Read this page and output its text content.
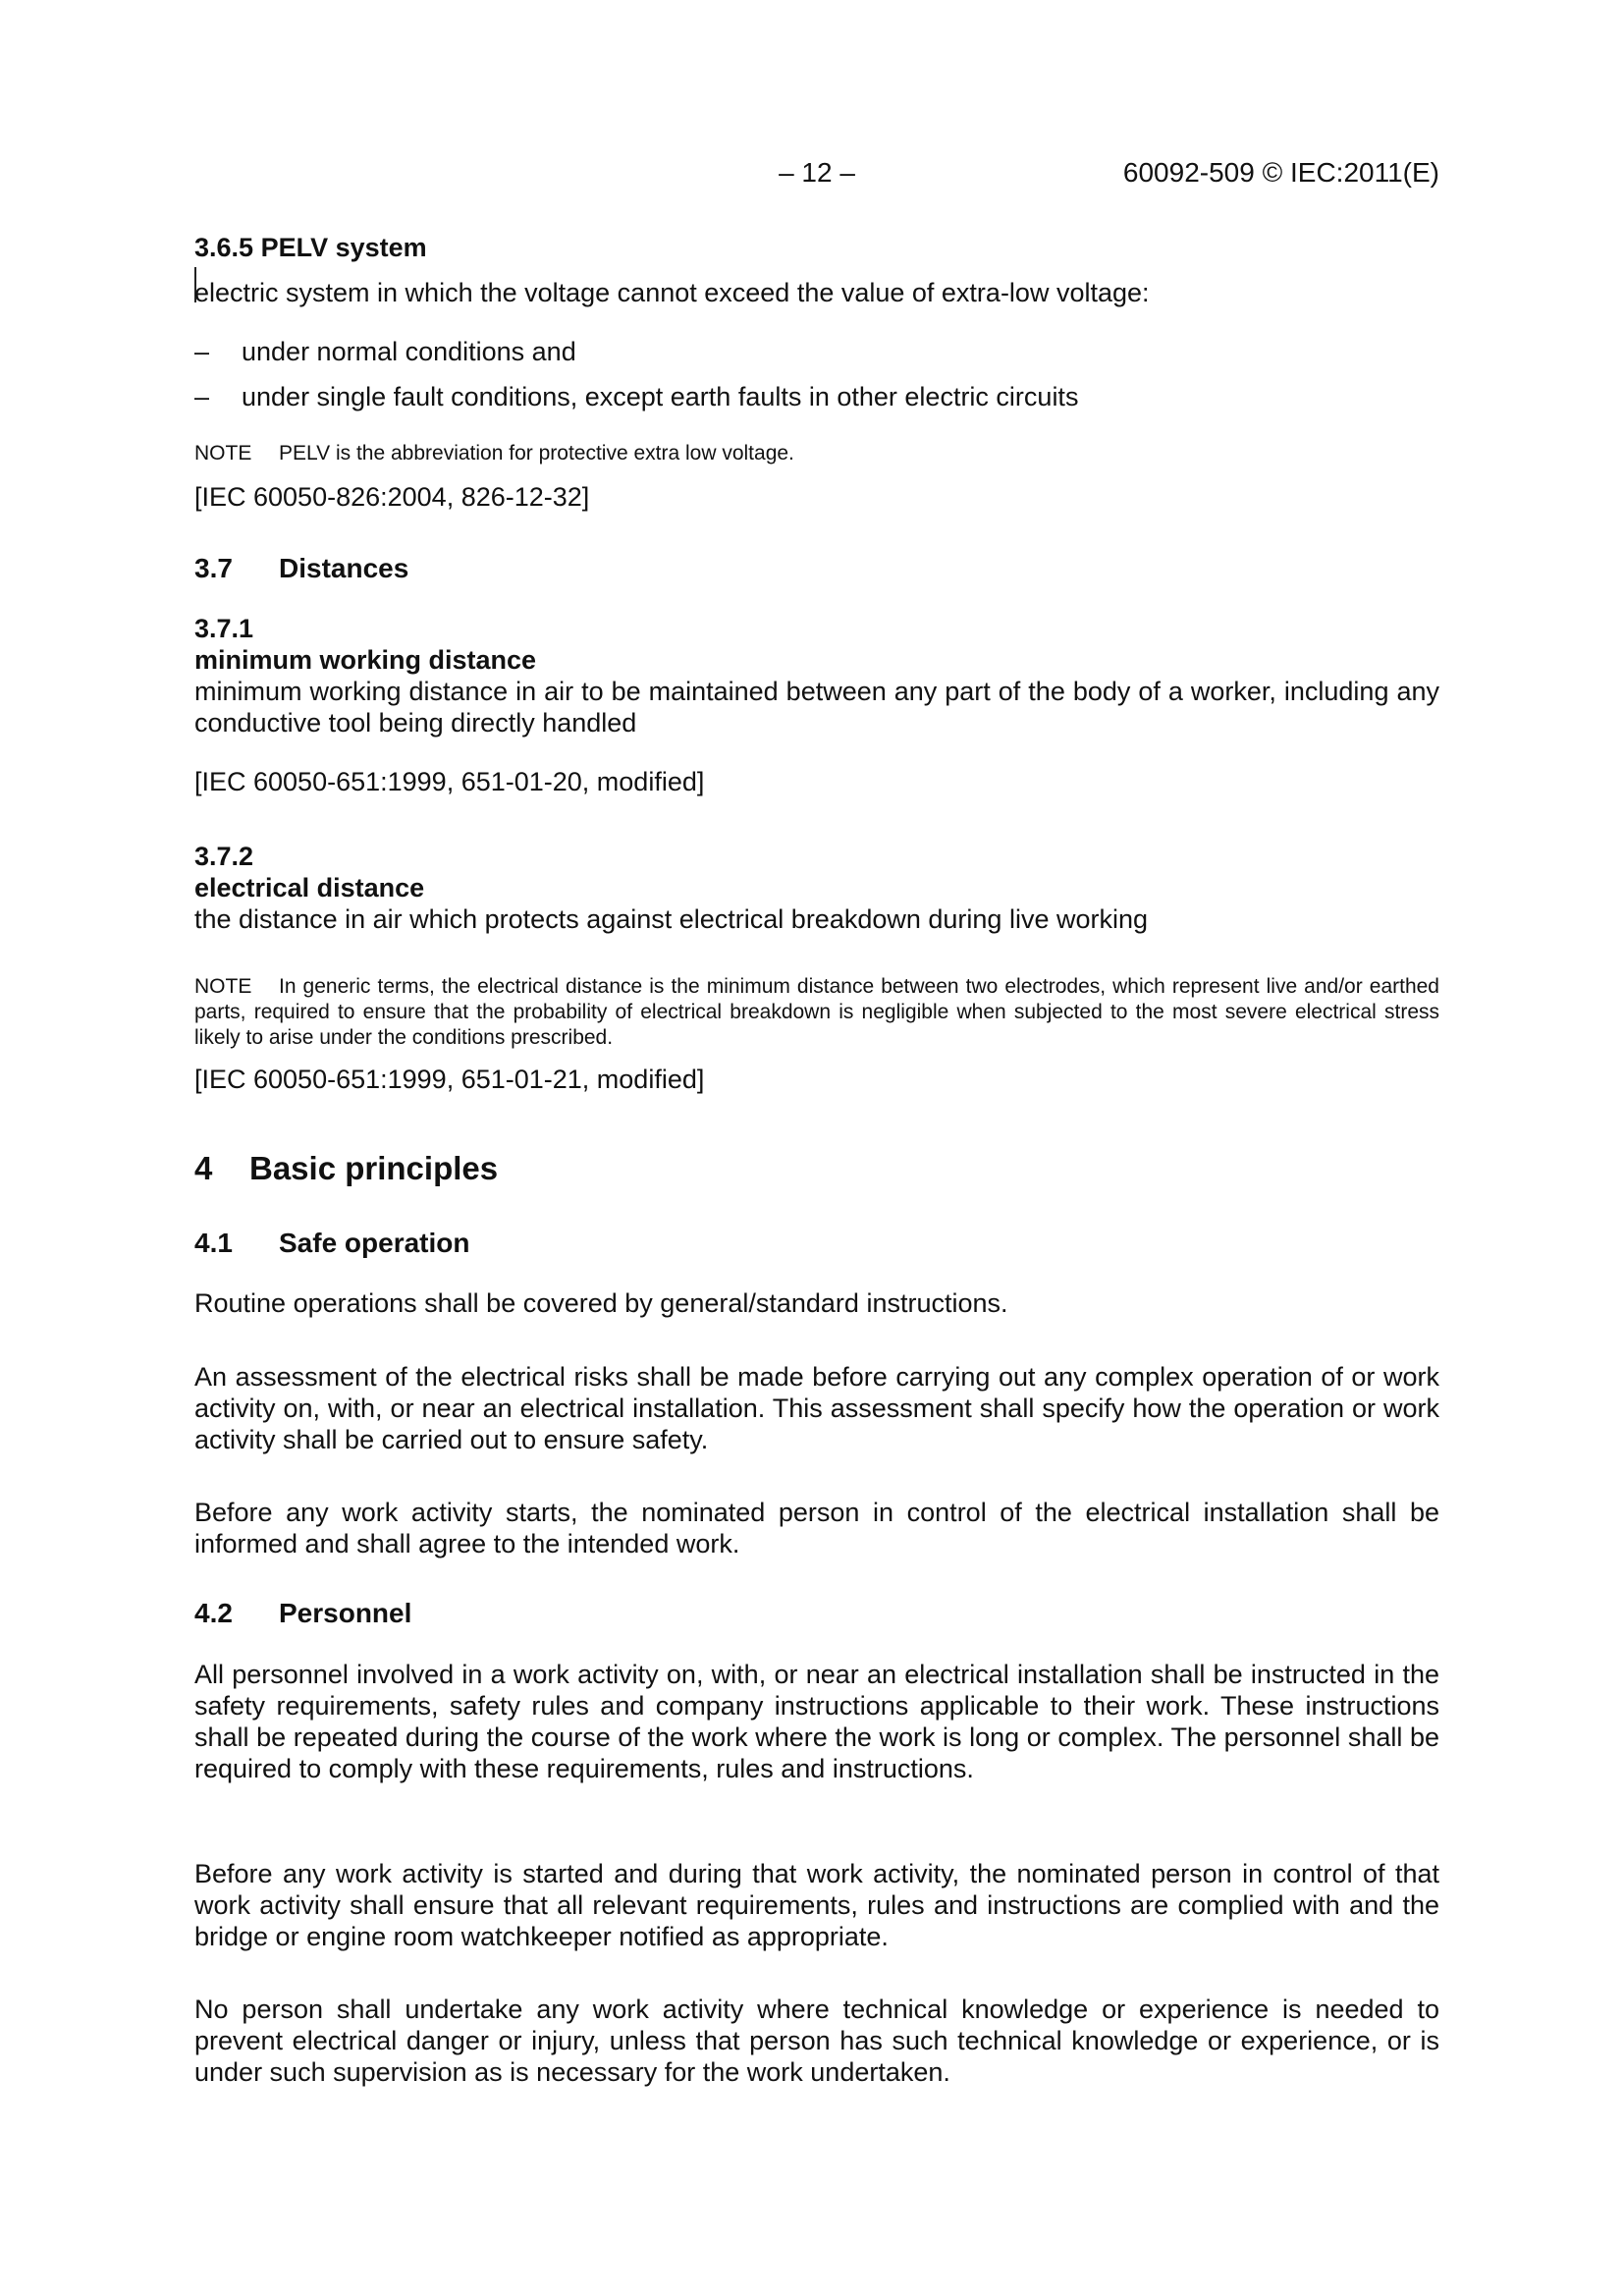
– 12 –	60092-509 © IEC:2011(E)
3.6.5 PELV system
electric system in which the voltage cannot exceed the value of extra-low voltage:
– under normal conditions and
– under single fault conditions, except earth faults in other electric circuits
NOTE PELV is the abbreviation for protective extra low voltage.
[IEC 60050-826:2004, 826-12-32]
3.7 Distances
3.7.1
minimum working distance
minimum working distance in air to be maintained between any part of the body of a worker, including any conductive tool being directly handled
[IEC 60050-651:1999, 651-01-20, modified]
3.7.2
electrical distance
the distance in air which protects against electrical breakdown during live working
NOTE In generic terms, the electrical distance is the minimum distance between two electrodes, which represent live and/or earthed parts, required to ensure that the probability of electrical breakdown is negligible when subjected to the most severe electrical stress likely to arise under the conditions prescribed.
[IEC 60050-651:1999, 651-01-21, modified]
4 Basic principles
4.1 Safe operation
Routine operations shall be covered by general/standard instructions.
An assessment of the electrical risks shall be made before carrying out any complex operation of or work activity on, with, or near an electrical installation. This assessment shall specify how the operation or work activity shall be carried out to ensure safety.
Before any work activity starts, the nominated person in control of the electrical installation shall be informed and shall agree to the intended work.
4.2 Personnel
All personnel involved in a work activity on, with, or near an electrical installation shall be instructed in the safety requirements, safety rules and company instructions applicable to their work. These instructions shall be repeated during the course of the work where the work is long or complex. The personnel shall be required to comply with these requirements, rules and instructions.
Before any work activity is started and during that work activity, the nominated person in control of that work activity shall ensure that all relevant requirements, rules and instructions are complied with and the bridge or engine room watchkeeper notified as appropriate.
No person shall undertake any work activity where technical knowledge or experience is needed to prevent electrical danger or injury, unless that person has such technical knowledge or experience, or is under such supervision as is necessary for the work undertaken.
